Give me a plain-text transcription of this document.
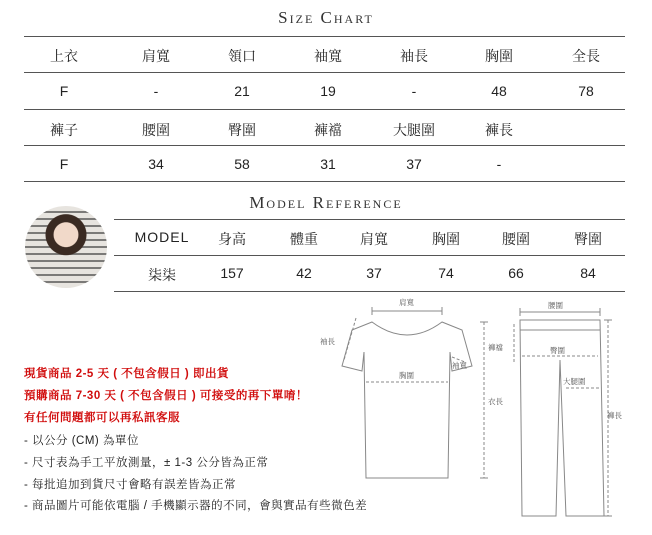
Size Chart
Model Reference
上衣	肩寬	領口	袖寬	袖長	胸圍	全長
F	-	21	19	-	48	78
褲子	腰圍	臀圍	褲襠	大腿圍	褲長
F	34	58	31	37	-
MODEL	身高	體重	肩寬	胸圍	腰圍	臀圍
柒柒	157	42	37	74	66	84
現貨商品 2-5 天 ( 不包含假日 ) 即出貨
預購商品 7-30 天 ( 不包含假日 ) 可接受的再下單唷！
有任何問題都可以再私訊客服
- 以公分 (CM) 為單位
- 尺寸表為手工平放測量，± 1-3 公分皆為正常
- 每批追加到貨尺寸會略有誤差皆為正常
- 商品圖片可能依電腦 / 手機顯示器的不同，會與實品有些微色差
肩寬
袖長
胸圍
袖寬
衣長
腰圍
褲襠	臀圍
大腿圍
褲長
